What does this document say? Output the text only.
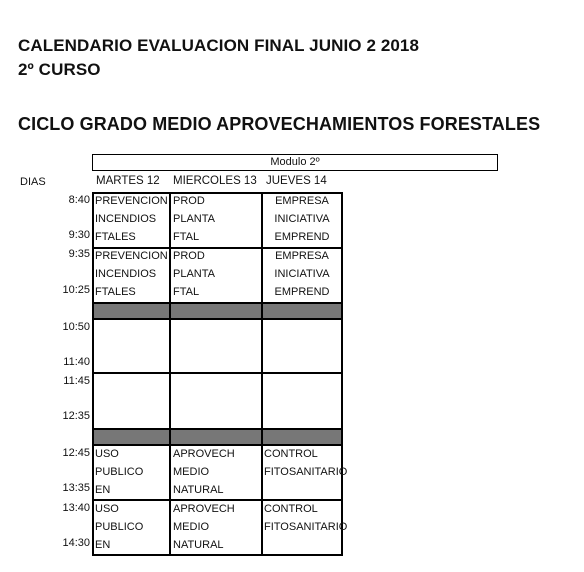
CALENDARIO EVALUACION FINAL JUNIO 2 2018
2º CURSO
CICLO GRADO MEDIO APROVECHAMIENTOS FORESTALES
Modulo 2º
DIAS	MARTES 12 MIERCOLES 13 JUEVES 14
8:40
9:30
9:35
10:25
10:50
11:40
11:45
12:35
12:45
13:35
13:40
14:30
PREVENCION
INCENDIOS
FTALES
PROD
PLANTA
FTAL
EMPRESA
INICIATIVA
EMPREND
PREVENCION
INCENDIOS
FTALES
PROD
PLANTA
FTAL
EMPRESA
INICIATIVA
EMPREND
USO
PUBLICO
EN
APROVECH
MEDIO
NATURAL
CONTROL
FITOSANITARIO
USO
PUBLICO
EN
APROVECH
MEDIO
NATURAL
CONTROL
FITOSANITARIO
